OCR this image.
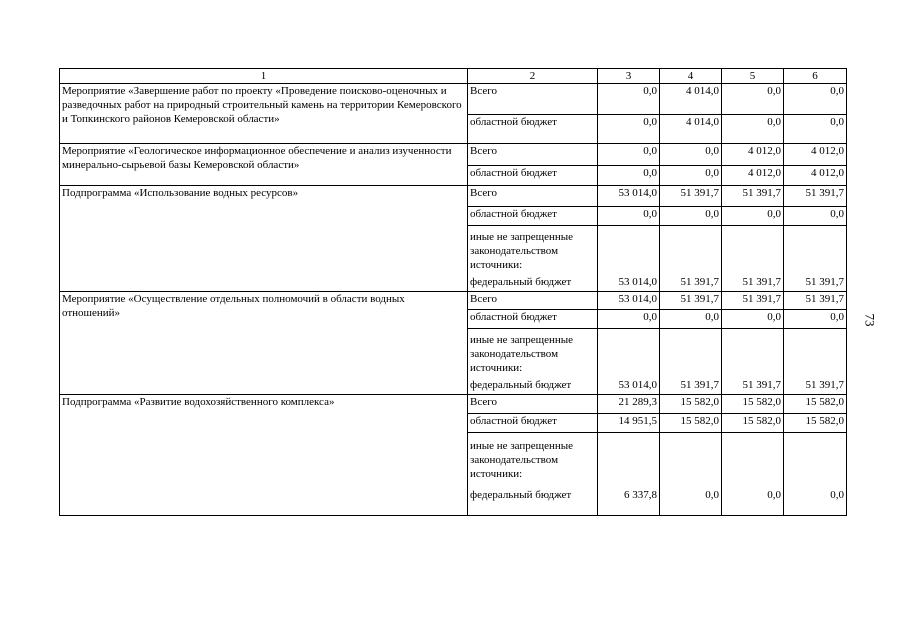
1	2	3	4	5	6
Мероприятие «Завершение работ по проекту «Проведение поисково-оценочных и разведочных работ на природный строительный камень на территории Кемеровского и Топкинского районов Кемеровской области»	Всего	0,0	4 014,0	0,0	0,0
	областной бюджет	0,0	4 014,0	0,0	0,0
Мероприятие «Геологическое информационное обеспечение и анализ изученности минерально-сырьевой базы Кемеровской области»	Всего	0,0	0,0	4 012,0	4 012,0
	областной бюджет	0,0	0,0	4 012,0	4 012,0
Подпрограмма «Использование водных ресурсов»	Всего	53 014,0	51 391,7	51 391,7	51 391,7
	областной бюджет	0,0	0,0	0,0	0,0
	иные не запрещенные законодательством источники:				
	федеральный бюджет	53 014,0	51 391,7	51 391,7	51 391,7
Мероприятие «Осуществление отдельных полномочий в области водных отношений»	Всего	53 014,0	51 391,7	51 391,7	51 391,7
	областной бюджет	0,0	0,0	0,0	0,0
	иные не запрещенные законодательством источники:				
	федеральный бюджет	53 014,0	51 391,7	51 391,7	51 391,7
Подпрограмма «Развитие водохозяйственного комплекса»	Всего	21 289,3	15 582,0	15 582,0	15 582,0
	областной бюджет	14 951,5	15 582,0	15 582,0	15 582,0
	иные не запрещенные законодательством источники:				
	федеральный бюджет	6 337,8	0,0	0,0	0,0
73
